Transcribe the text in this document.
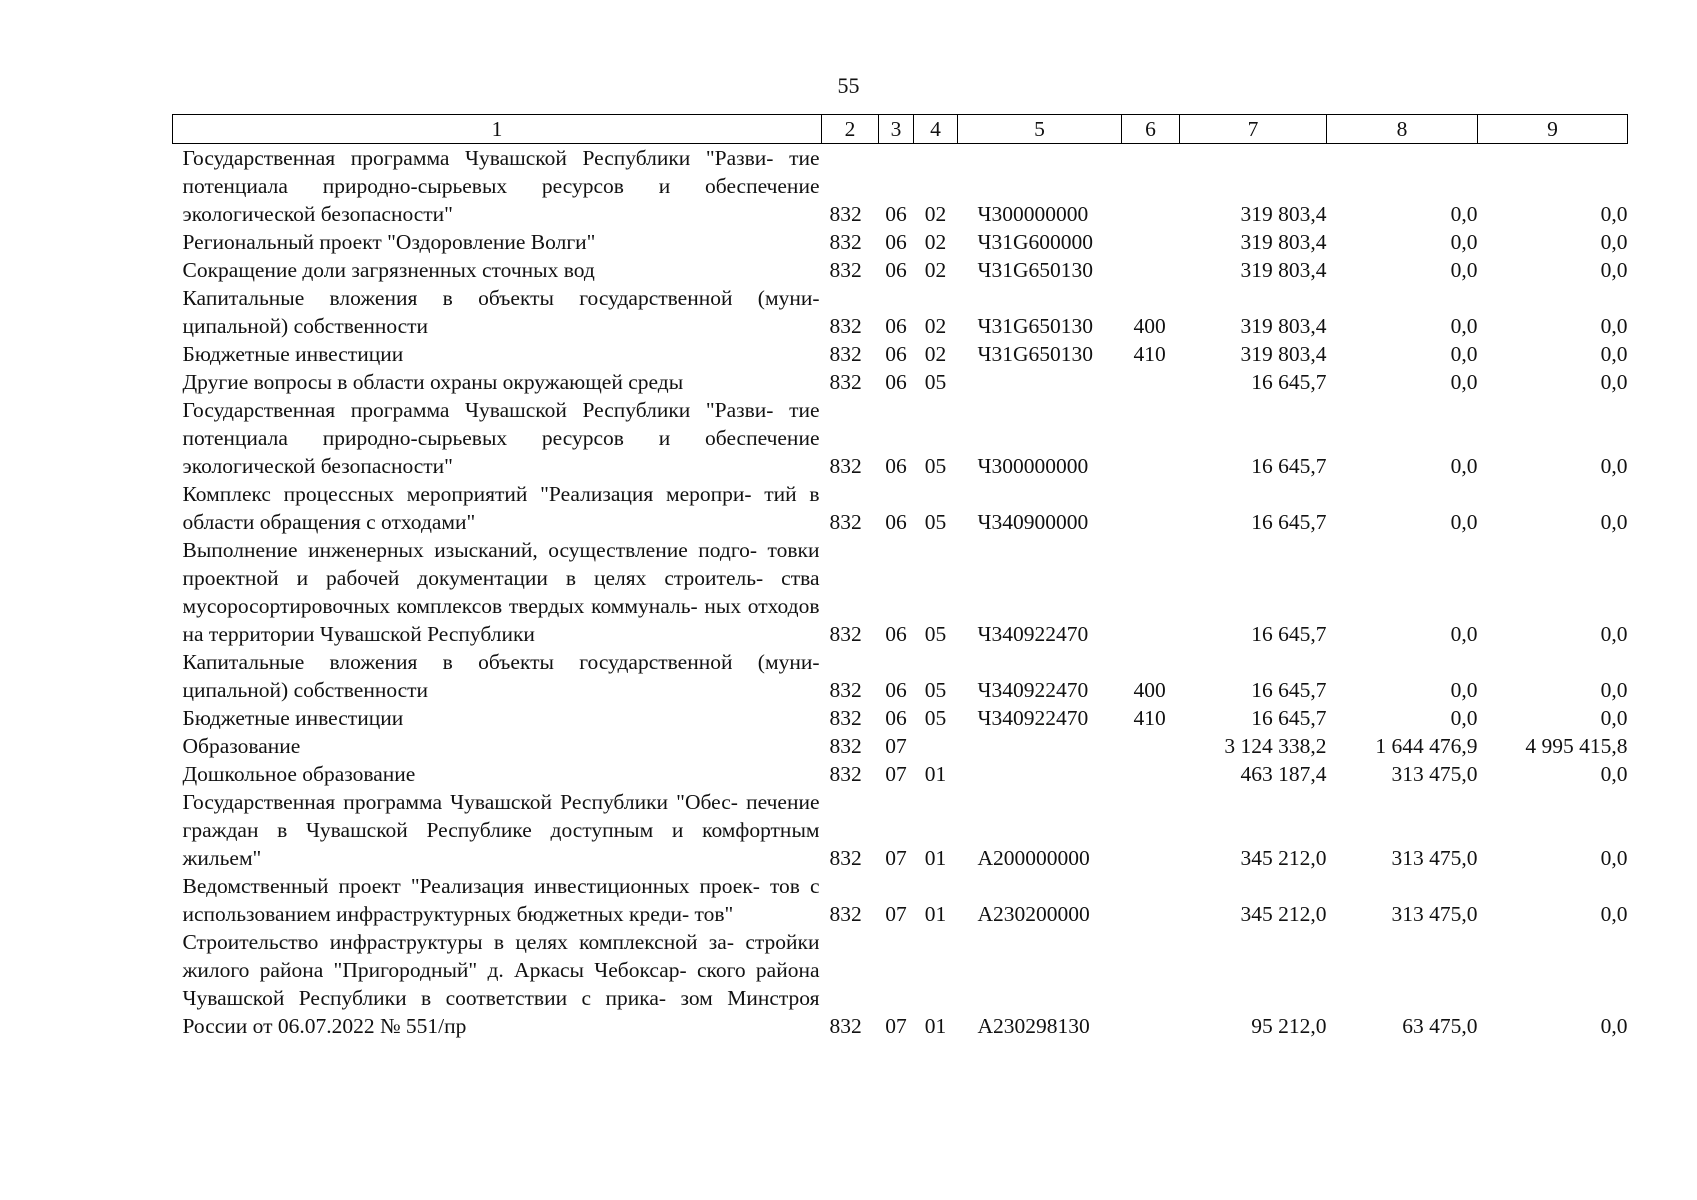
55
1	2	3	4	5	6	7	8	9
Государственная программа Чувашской Республики "Разви- тие потенциала природно-сырьевых ресурсов и обеспечение экологической безопасности"	832	06	02	Ч300000000		319 803,4	0,0	0,0
Региональный проект "Оздоровление Волги"	832	06	02	Ч31G600000		319 803,4	0,0	0,0
Сокращение доли загрязненных сточных вод	832	06	02	Ч31G650130		319 803,4	0,0	0,0
Капитальные вложения в объекты государственной (муни- ципальной) собственности	832	06	02	Ч31G650130	400	319 803,4	0,0	0,0
Бюджетные инвестиции	832	06	02	Ч31G650130	410	319 803,4	0,0	0,0
Другие вопросы в области охраны окружающей среды	832	06	05			16 645,7	0,0	0,0
Государственная программа Чувашской Республики "Разви- тие потенциала природно-сырьевых ресурсов и обеспечение экологической безопасности"	832	06	05	Ч300000000		16 645,7	0,0	0,0
Комплекс процессных мероприятий "Реализация меропри- тий в области обращения с отходами"	832	06	05	Ч340900000		16 645,7	0,0	0,0
Выполнение инженерных изысканий, осуществление подго- товки проектной и рабочей документации в целях строитель- ства мусоросортировочных комплексов твердых коммуналь- ных отходов на территории Чувашской Республики	832	06	05	Ч340922470		16 645,7	0,0	0,0
Капитальные вложения в объекты государственной (муни- ципальной) собственности	832	06	05	Ч340922470	400	16 645,7	0,0	0,0
Бюджетные инвестиции	832	06	05	Ч340922470	410	16 645,7	0,0	0,0
Образование	832	07				3 124 338,2	1 644 476,9	4 995 415,8
Дошкольное образование	832	07	01			463 187,4	313 475,0	0,0
Государственная программа Чувашской Республики "Обес- печение граждан в Чувашской Республике доступным и комфортным жильем"	832	07	01	А200000000		345 212,0	313 475,0	0,0
Ведомственный проект "Реализация инвестиционных проек- тов с использованием инфраструктурных бюджетных креди- тов"	832	07	01	А230200000		345 212,0	313 475,0	0,0
Строительство инфраструктуры в целях комплексной за- стройки жилого района "Пригородный" д. Аркасы Чебоксар- ского района Чувашской Республики в соответствии с прика- зом Минстроя России от 06.07.2022 № 551/пр	832	07	01	А230298130		95 212,0	63 475,0	0,0
